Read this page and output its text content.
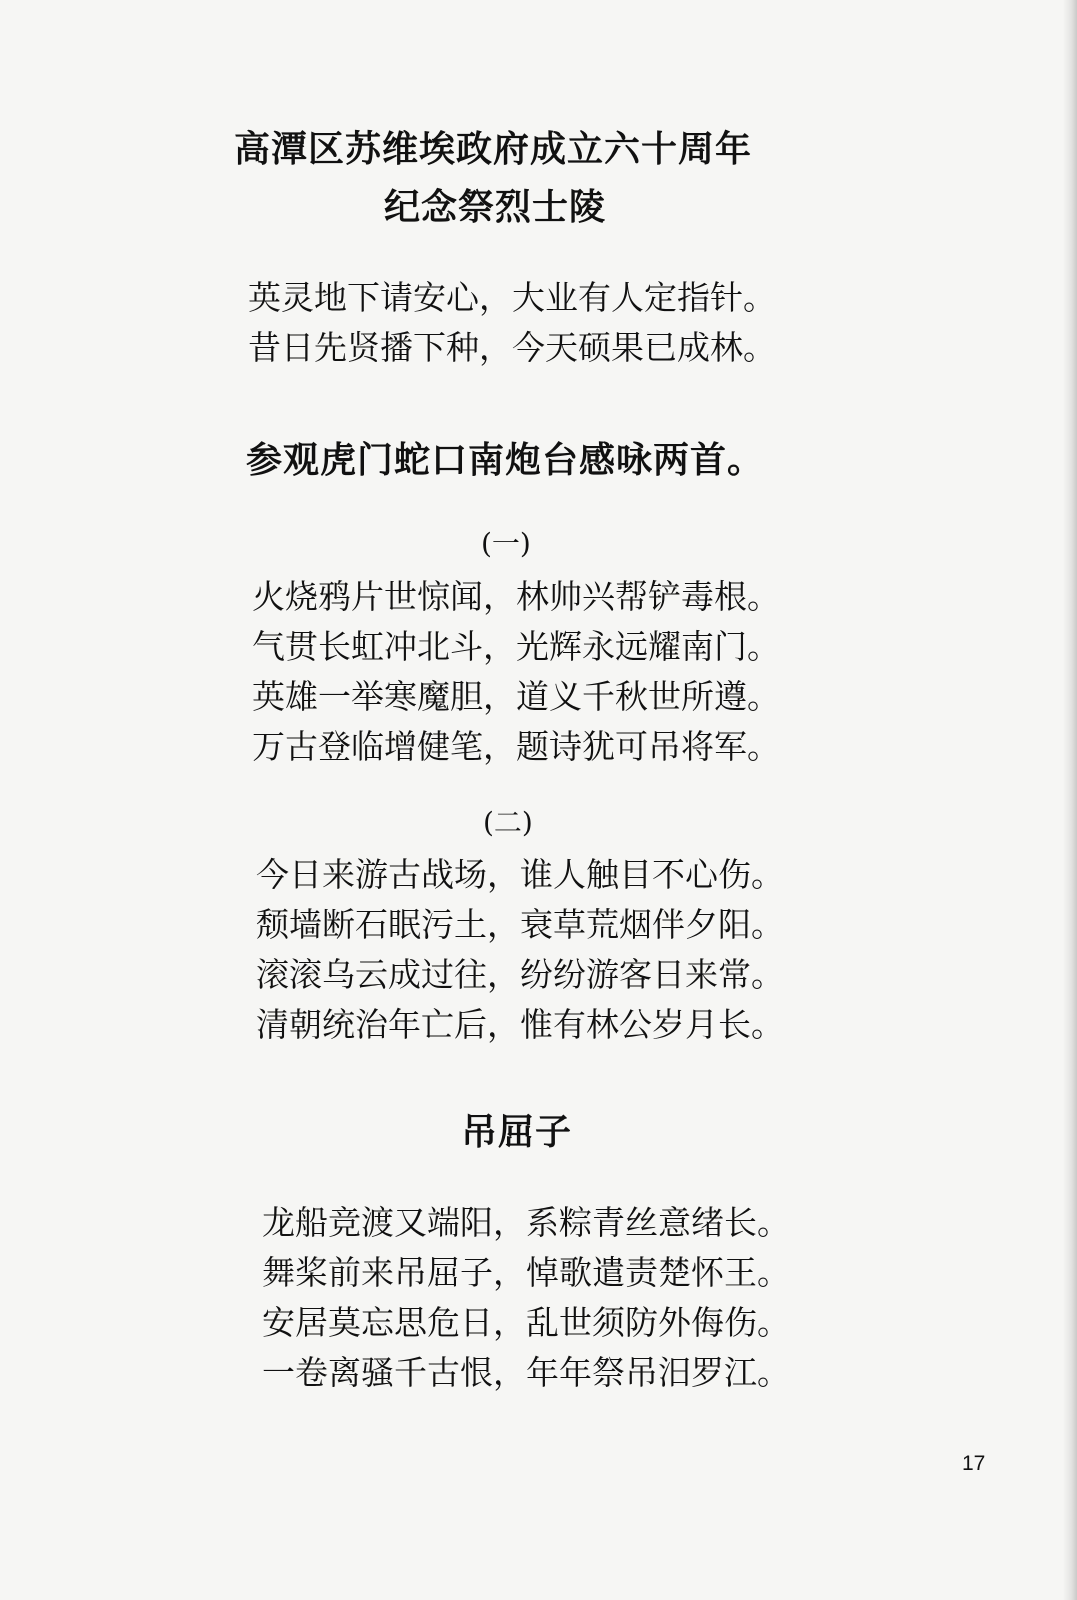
高潭区苏维埃政府成立六十周年
纪念祭烈士陵
英灵地下请安心，大业有人定指针。
昔日先贤播下种，今天硕果已成林。
参观虎门蛇口南炮台感咏两首。
(一)
火烧鸦片世惊闻，林帅兴帮铲毒根。
气贯长虹冲北斗，光辉永远耀南门。
英雄一举寒魔胆，道义千秋世所遵。
万古登临增健笔，题诗犹可吊将军。
(二)
今日来游古战场，谁人触目不心伤。
颓墙断石眠污土，衰草荒烟伴夕阳。
滚滚乌云成过往，纷纷游客日来常。
清朝统治年亡后，惟有林公岁月长。
吊屈子
龙船竞渡又端阳，系粽青丝意绪长。
舞桨前来吊屈子，悼歌遣责楚怀王。
安居莫忘思危日，乱世须防外侮伤。
一卷离骚千古恨，年年祭吊汨罗江。
17
